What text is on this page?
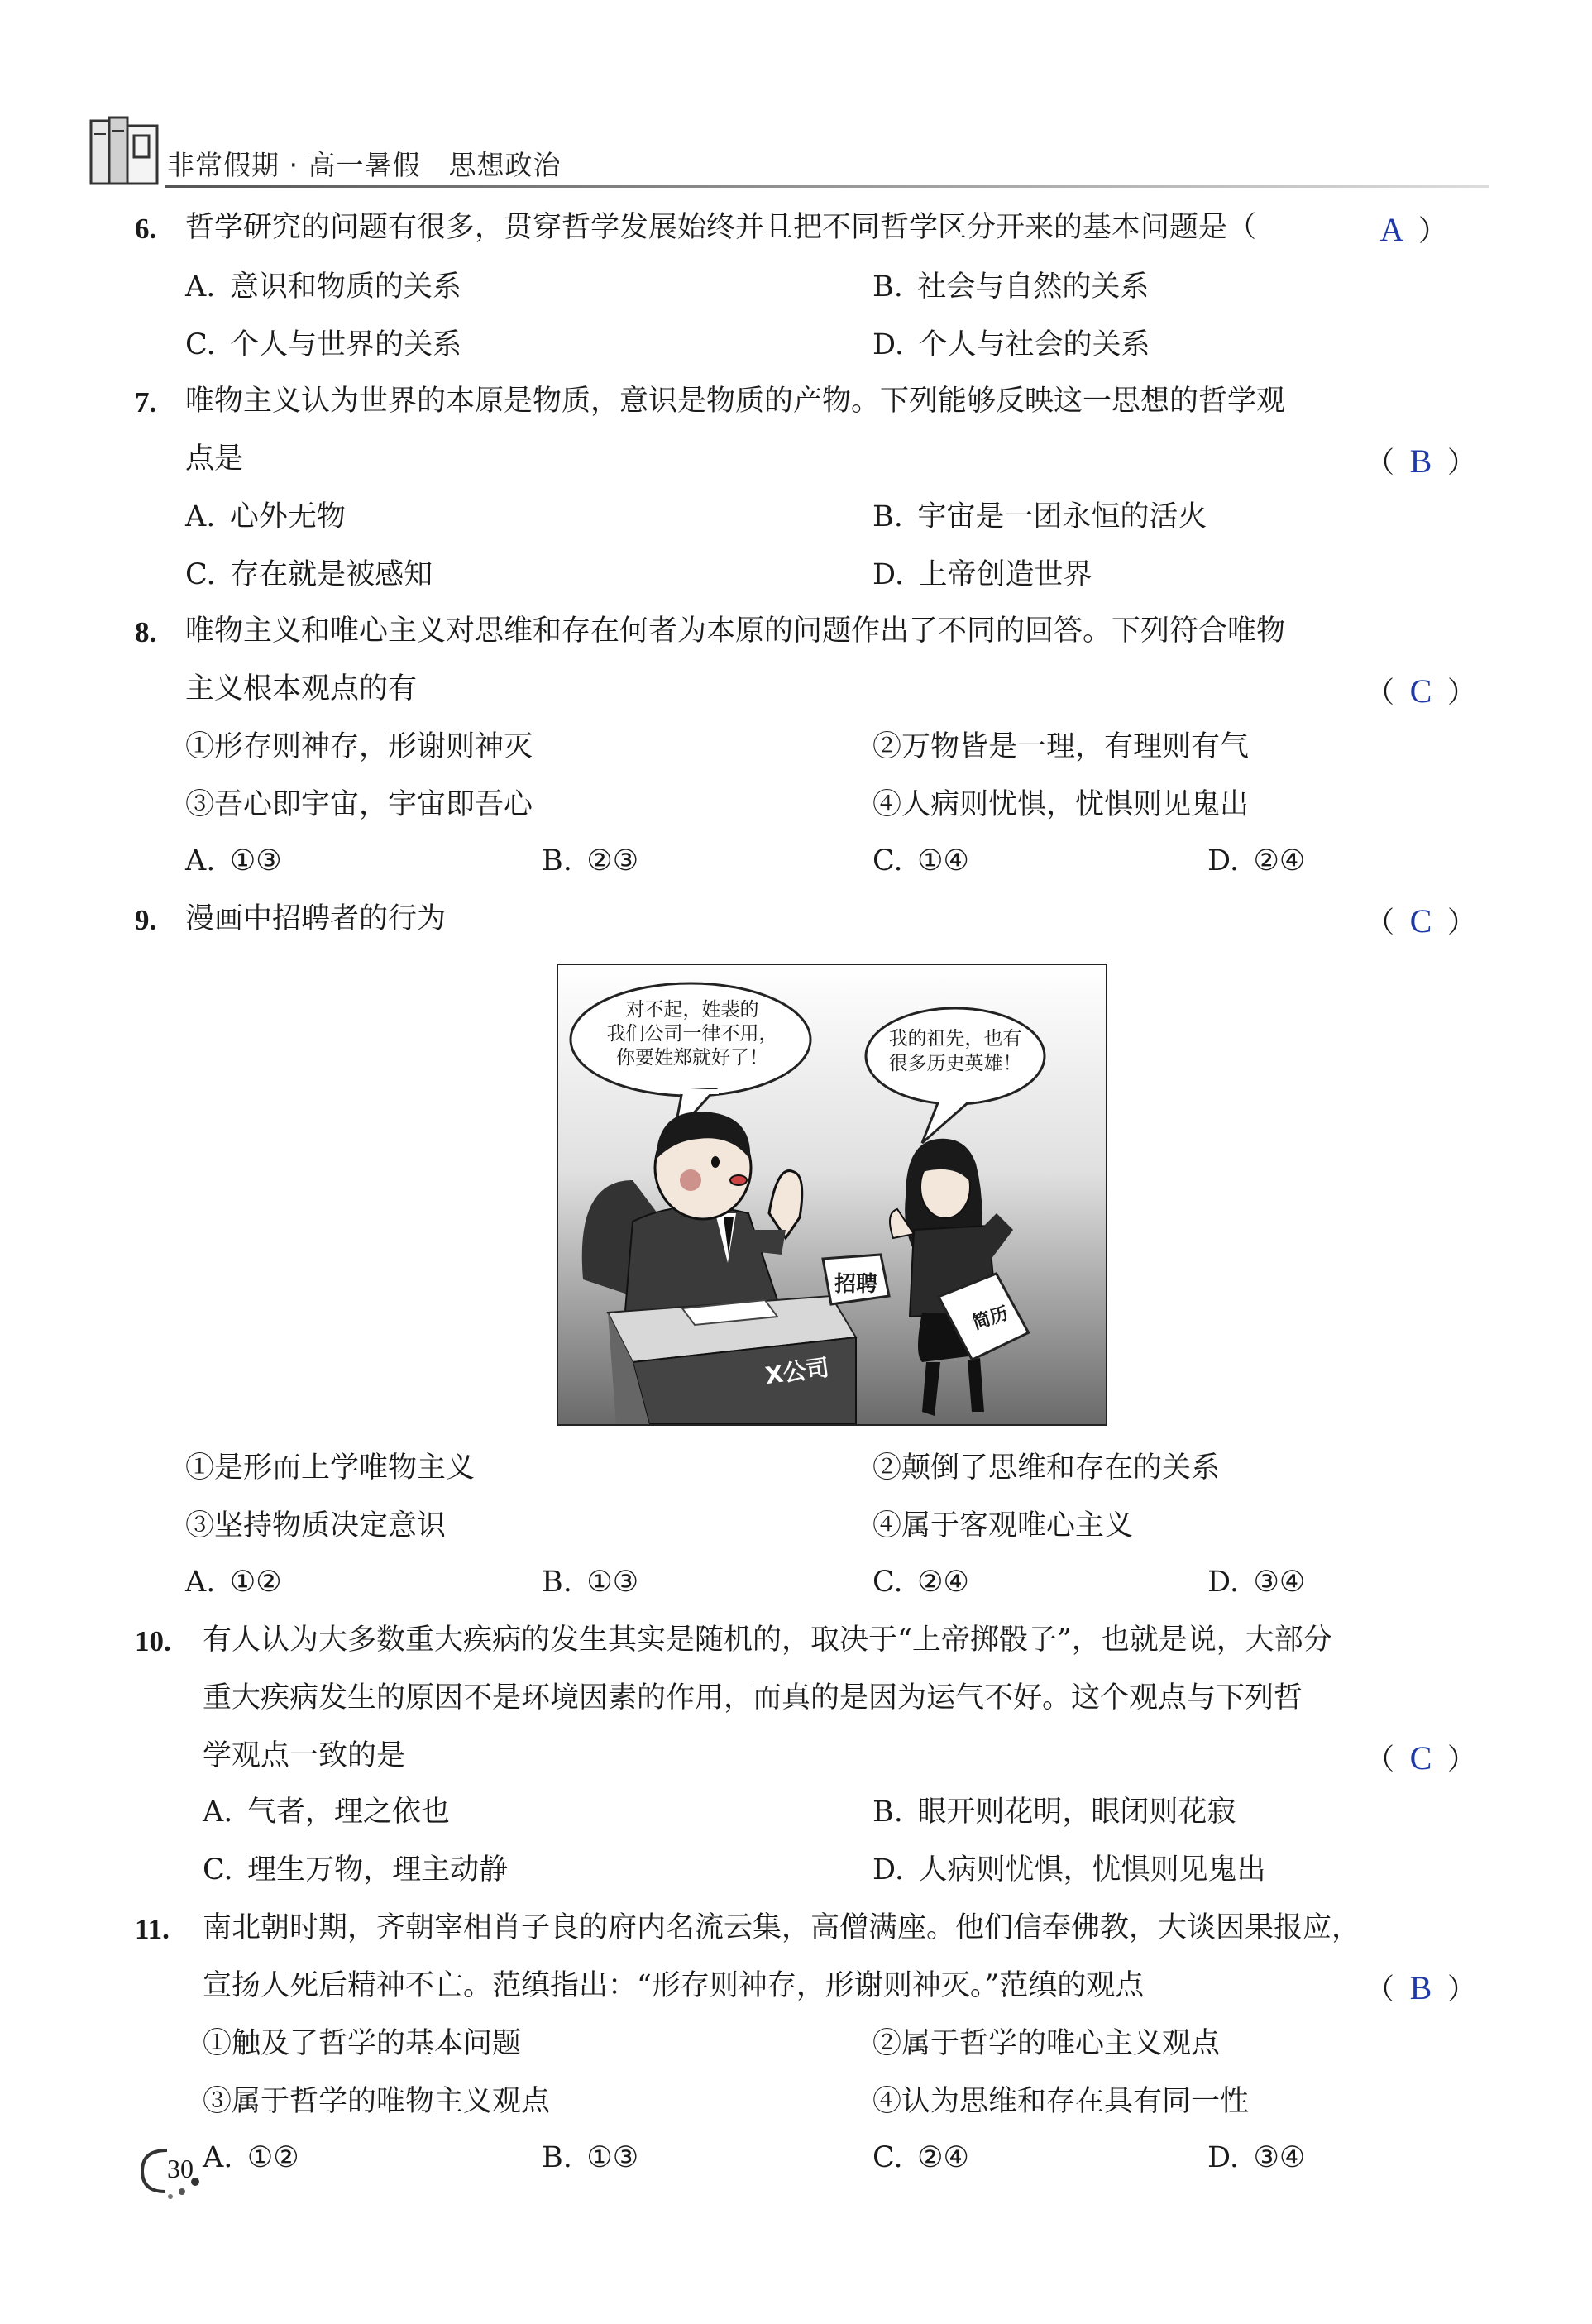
非常假期 · 高一暑假　思想政治
6. 哲学研究的问题有很多，贯穿哲学发展始终并且把不同哲学区分开来的基本问题是（	A ）
A.  意识和物质的关系	B.  社会与自然的关系
C.  个人与世界的关系	D.  个人与社会的关系
7. 唯物主义认为世界的本原是物质，意识是物质的产物。下列能够反映这一思想的哲学观
点是	（ B ）
A.  心外无物	B.  宇宙是一团永恒的活火
C.  存在就是被感知	D.  上帝创造世界
8. 唯物主义和唯心主义对思维和存在何者为本原的问题作出了不同的回答。下列符合唯物
主义根本观点的有	（ C ）
①形存则神存，形谢则神灭	②万物皆是一理，有理则有气
③吾心即宇宙，宇宙即吾心	④人病则忧惧，忧惧则见鬼出
A.  ①③	B.  ②③	C.  ①④	D.  ②④
9. 漫画中招聘者的行为	（ C ）
对不起，姓裴的
我们公司一律不用，
你要姓郑就好了！
我的祖先，也有
很多历史英雄！
招聘
X公司
简历
①是形而上学唯物主义	②颠倒了思维和存在的关系
③坚持物质决定意识	④属于客观唯心主义
A.  ①②	B.  ①③	C.  ②④	D.  ③④
10. 有人认为大多数重大疾病的发生其实是随机的，取决于“上帝掷骰子”，也就是说，大部分
重大疾病发生的原因不是环境因素的作用，而真的是因为运气不好。这个观点与下列哲
学观点一致的是	（ C ）
A.  气者，理之依也	B.  眼开则花明，眼闭则花寂
C.  理生万物，理主动静	D.  人病则忧惧，忧惧则见鬼出
11. 南北朝时期，齐朝宰相肖子良的府内名流云集，高僧满座。他们信奉佛教，大谈因果报应，
宣扬人死后精神不亡。范缜指出：“形存则神存，形谢则神灭。”范缜的观点	（ B ）
①触及了哲学的基本问题	②属于哲学的唯心主义观点
③属于哲学的唯物主义观点	④认为思维和存在具有同一性
A.  ①②	B.  ①③	C.  ②④	D.  ③④
30
